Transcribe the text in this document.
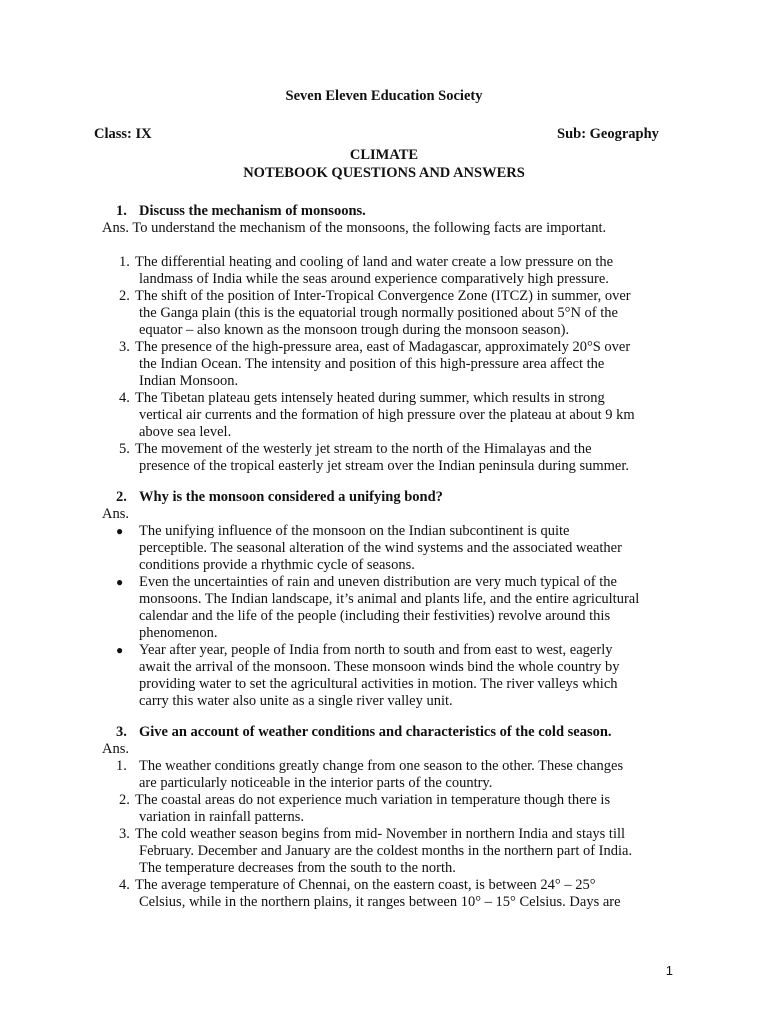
Seven Eleven Education Society
Class: IX	Sub: Geography
CLIMATE
NOTEBOOK QUESTIONS AND ANSWERS
1. Discuss the mechanism of monsoons.
Ans. To understand the mechanism of the monsoons, the following facts are important.
1. The differential heating and cooling of land and water create a low pressure on the
landmass of India while the seas around experience comparatively high pressure.
2. The shift of the position of Inter-Tropical Convergence Zone (ITCZ) in summer, over
the Ganga plain (this is the equatorial trough normally positioned about 5°N of the
equator – also known as the monsoon trough during the monsoon season).
3. The presence of the high-pressure area, east of Madagascar, approximately 20°S over
the Indian Ocean. The intensity and position of this high-pressure area affect the
Indian Monsoon.
4. The Tibetan plateau gets intensely heated during summer, which results in strong
vertical air currents and the formation of high pressure over the plateau at about 9 km
above sea level.
5. The movement of the westerly jet stream to the north of the Himalayas and the
presence of the tropical easterly jet stream over the Indian peninsula during summer.
2. Why is the monsoon considered a unifying bond?
Ans.
●	The unifying influence of the monsoon on the Indian subcontinent is quite
perceptible. The seasonal alteration of the wind systems and the associated weather
conditions provide a rhythmic cycle of seasons.
●	Even the uncertainties of rain and uneven distribution are very much typical of the
monsoons. The Indian landscape, it’s animal and plants life, and the entire agricultural
calendar and the life of the people (including their festivities) revolve around this
phenomenon.
●	Year after year, people of India from north to south and from east to west, eagerly
await the arrival of the monsoon. These monsoon winds bind the whole country by
providing water to set the agricultural activities in motion. The river valleys which
carry this water also unite as a single river valley unit.
3. Give an account of weather conditions and characteristics of the cold season.
Ans.
1. The weather conditions greatly change from one season to the other. These changes
are particularly noticeable in the interior parts of the country.
2. The coastal areas do not experience much variation in temperature though there is
variation in rainfall patterns.
3. The cold weather season begins from mid- November in northern India and stays till
February. December and January are the coldest months in the northern part of India.
The temperature decreases from the south to the north.
4. The average temperature of Chennai, on the eastern coast, is between 24° – 25°
Celsius, while in the northern plains, it ranges between 10° – 15° Celsius. Days are
1
